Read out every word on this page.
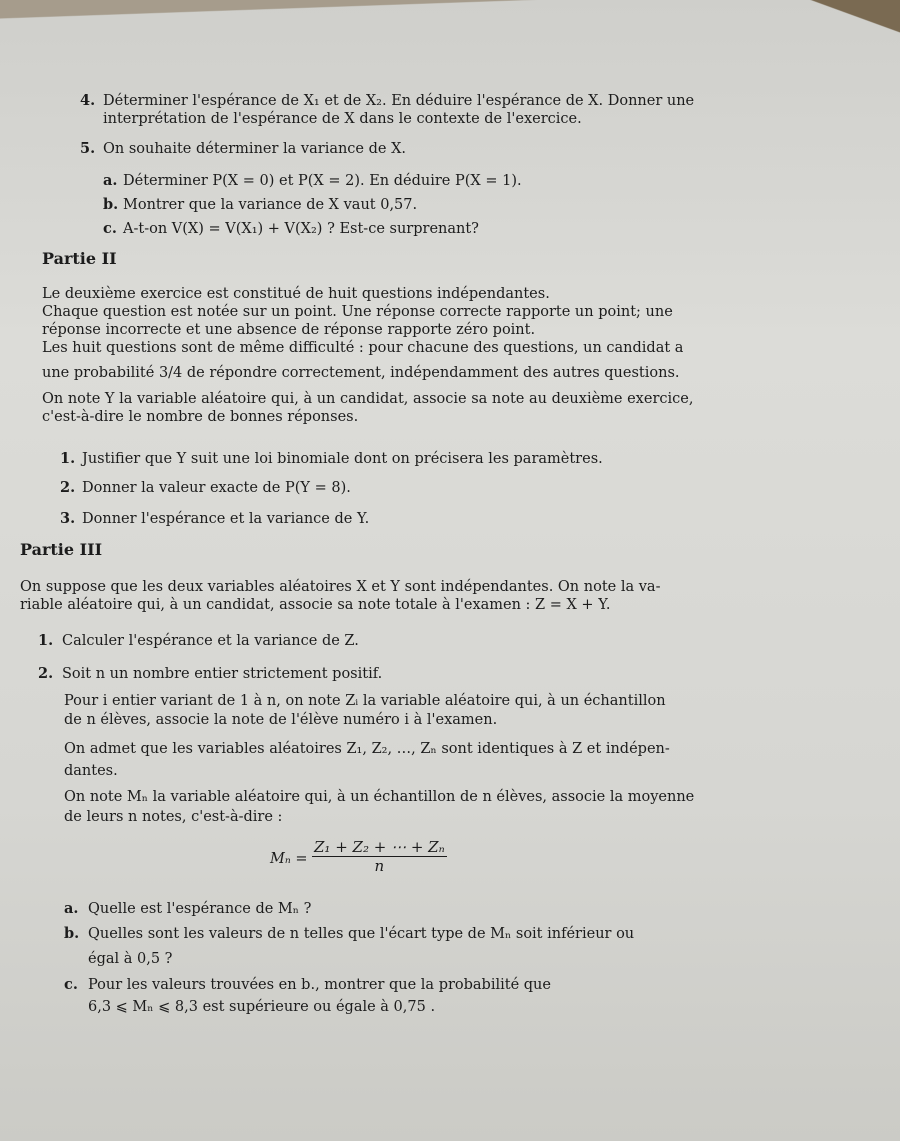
4. Déterminer l'espérance de X₁ et de X₂. En déduire l'espérance de X. Donner une
interprétation de l'espérance de X dans le contexte de l'exercice.
5. On souhaite déterminer la variance de X.
a. Déterminer P(X = 0) et P(X = 2). En déduire P(X = 1).
b. Montrer que la variance de X vaut 0,57.
c. A-t-on V(X) = V(X₁) + V(X₂) ? Est-ce surprenant?
Partie II
Le deuxième exercice est constitué de huit questions indépendantes.
Chaque question est notée sur un point. Une réponse correcte rapporte un point; une
réponse incorrecte et une absence de réponse rapporte zéro point.
Les huit questions sont de même difficulté : pour chacune des questions, un candidat a
une probabilité 3/4 de répondre correctement, indépendamment des autres questions.
On note Y la variable aléatoire qui, à un candidat, associe sa note au deuxième exercice,
c'est-à-dire le nombre de bonnes réponses.
1. Justifier que Y suit une loi binomiale dont on précisera les paramètres.
2. Donner la valeur exacte de P(Y = 8).
3. Donner l'espérance et la variance de Y.
Partie III
On suppose que les deux variables aléatoires X et Y sont indépendantes. On note la va-
riable aléatoire qui, à un candidat, associe sa note totale à l'examen : Z = X + Y.
1. Calculer l'espérance et la variance de Z.
2. Soit n un nombre entier strictement positif.
Pour i entier variant de 1 à n, on note Zᵢ la variable aléatoire qui, à un échantillon
de n élèves, associe la note de l'élève numéro i à l'examen.
On admet que les variables aléatoires Z₁, Z₂, …, Zₙ sont identiques à Z et indépen-
dantes.
On note Mₙ la variable aléatoire qui, à un échantillon de n élèves, associe la moyenne
de leurs n notes, c'est-à-dire :
$M_n = \frac{\text{Z₁ + Z₂ + ⋯ + Zₙ}}{n}$
a. Quelle est l'espérance de Mₙ ?
b. Quelles sont les valeurs de n telles que l'écart type de Mₙ soit inférieur ou
égal à 0,5 ?
c. Pour les valeurs trouvées en b., montrer que la probabilité que
6,3 ⩽ Mₙ ⩽ 8,3 est supérieure ou égale à 0,75 .
